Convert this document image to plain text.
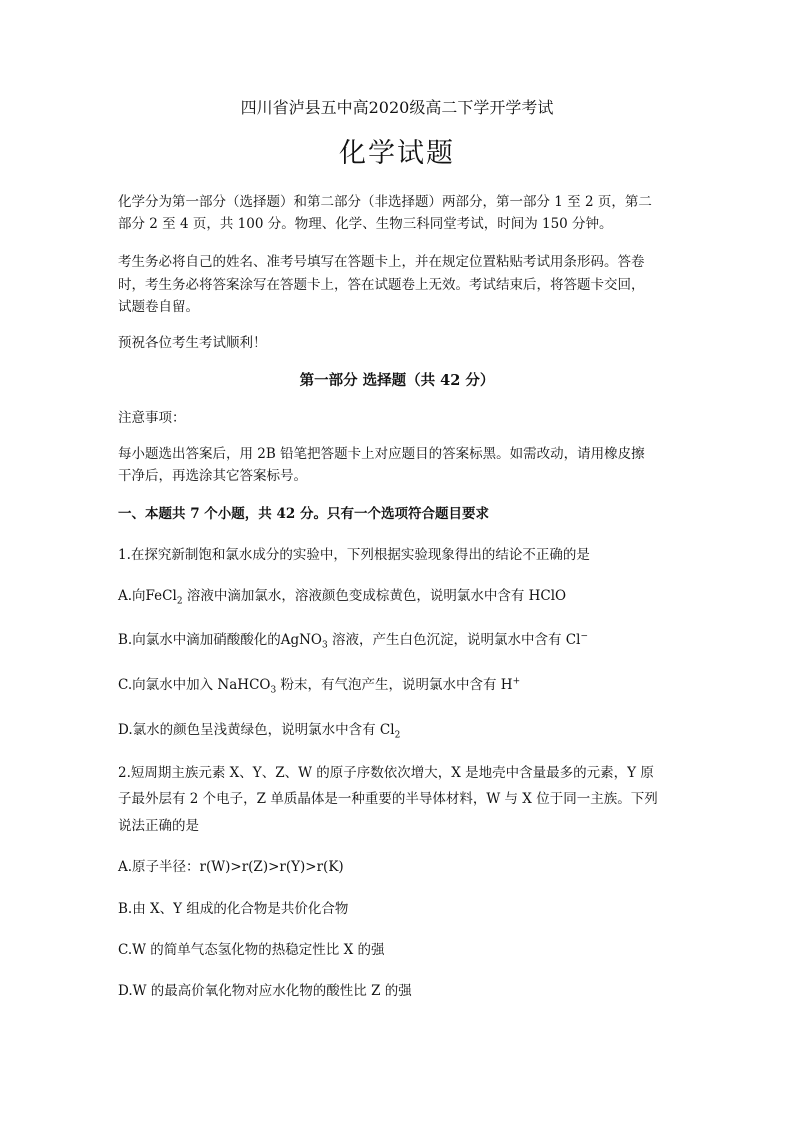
四川省泸县五中高2020级高二下学开学考试
化学试题
化学分为第一部分（选择题）和第二部分（非选择题）两部分，第一部分 1 至 2 页，第二
部分 2 至 4 页，共 100 分。物理、化学、生物三科同堂考试，时间为 150 分钟。
考生务必将自己的姓名、准考号填写在答题卡上，并在规定位置粘贴考试用条形码。答卷
时，考生务必将答案涂写在答题卡上，答在试题卷上无效。考试结束后，将答题卡交回，
试题卷自留。
预祝各位考生考试顺利！
第一部分 选择题（共 42 分）
注意事项：
每小题选出答案后，用 2B 铅笔把答题卡上对应题目的答案标黑。如需改动，请用橡皮擦
干净后，再选涂其它答案标号。
一、本题共 7 个小题，共 42 分。只有一个选项符合题目要求
1.在探究新制饱和氯水成分的实验中，下列根据实验现象得出的结论不正确的是
A.向FeCl$_2$ 溶液中滴加氯水，溶液颜色变成棕黄色，说明氯水中含有 HClO
B.向氯水中滴加硝酸酸化的AgNO$_3$ 溶液，产生白色沉淀，说明氯水中含有 Cl−
C.向氯水中加入 NaHCO$_3$ 粉末，有气泡产生，说明氯水中含有 H+
D.氯水的颜色呈浅黄绿色，说明氯水中含有 $Cl_2$
2.短周期主族元素 X、Y、Z、W 的原子序数依次增大，X 是地壳中含量最多的元素，Y 原
子最外层有 2 个电子，Z 单质晶体是一种重要的半导体材料，W 与 X 位于同一主族。下列
说法正确的是
A.原子半径：r(W)>r(Z)>r(Y)>r(K)
B.由 X、Y 组成的化合物是共价化合物
C.W 的简单气态氢化物的热稳定性比 X 的强
D.W 的最高价氧化物对应水化物的酸性比 Z 的强
